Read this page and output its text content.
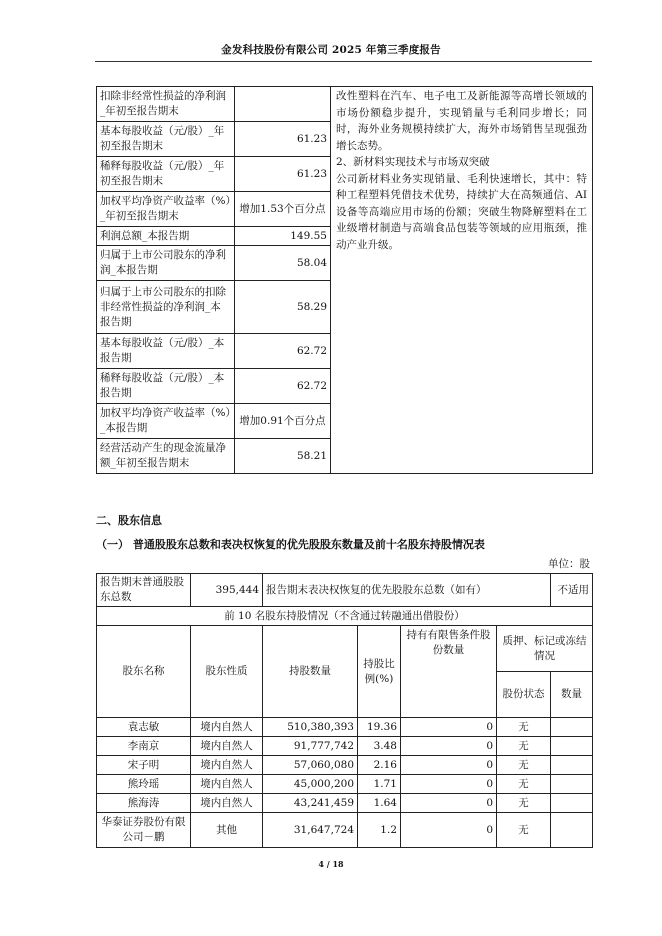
金发科技股份有限公司 2025 年第三季度报告
扣除非经常性损益的净利润_年初至报告期末		改性塑料在汽车、电子电工及新能源等高增长领域的市场份额稳步提升，实现销量与毛利同步增长；同时，海外业务规模持续扩大，海外市场销售呈现强劲增长态势。

2、新材料实现技术与市场双突破

公司新材料业务实现销量、毛利快速增长，其中：特种工程塑料凭借技术优势，持续扩大在高频通信、AI 设备等高端应用市场的份额；突破生物降解塑料在工业级增材制造与高端食品包装等领域的应用瓶颈，推动产业升级。

基本每股收益（元/股）_年初至报告期末	61.23	
稀释每股收益（元/股）_年初至报告期末	61.23	
加权平均净资产收益率（%）_年初至报告期末	增加1.53个百分点	
利润总额_本报告期	149.55	
归属于上市公司股东的净利润_本报告期	58.04	
归属于上市公司股东的扣除非经常性损益的净利润_本报告期	58.29	
基本每股收益（元/股）_本报告期	62.72	
稀释每股收益（元/股）_本报告期	62.72	
加权平均净资产收益率（%）_本报告期	增加0.91个百分点	
经营活动产生的现金流量净额_年初至报告期末	58.21	
二、股东信息
（一） 普通股股东总数和表决权恢复的优先股股东数量及前十名股东持股情况表
单位：股
报告期末普通股股东总数	395,444	报告期末表决权恢复的优先股股东总数（如有）				不适用
前 10 名股东持股情况（不含通过转融通出借股份）						
股东名称	股东性质	持股数量	持股比例(%)	持有有限售条件股份数量	质押、标记或冻结情况	
					股份状态	数量
袁志敏	境内自然人	510,380,393	19.36	0	无	
李南京	境内自然人	91,777,742	3.48	0	无	
宋子明	境内自然人	57,060,080	2.16	0	无	
熊玲瑶	境内自然人	45,000,200	1.71	0	无	
熊海涛	境内自然人	43,241,459	1.64	0	无	
华泰证券股份有限公司－鹏	其他	31,647,724	1.2	0	无	
4 / 18
